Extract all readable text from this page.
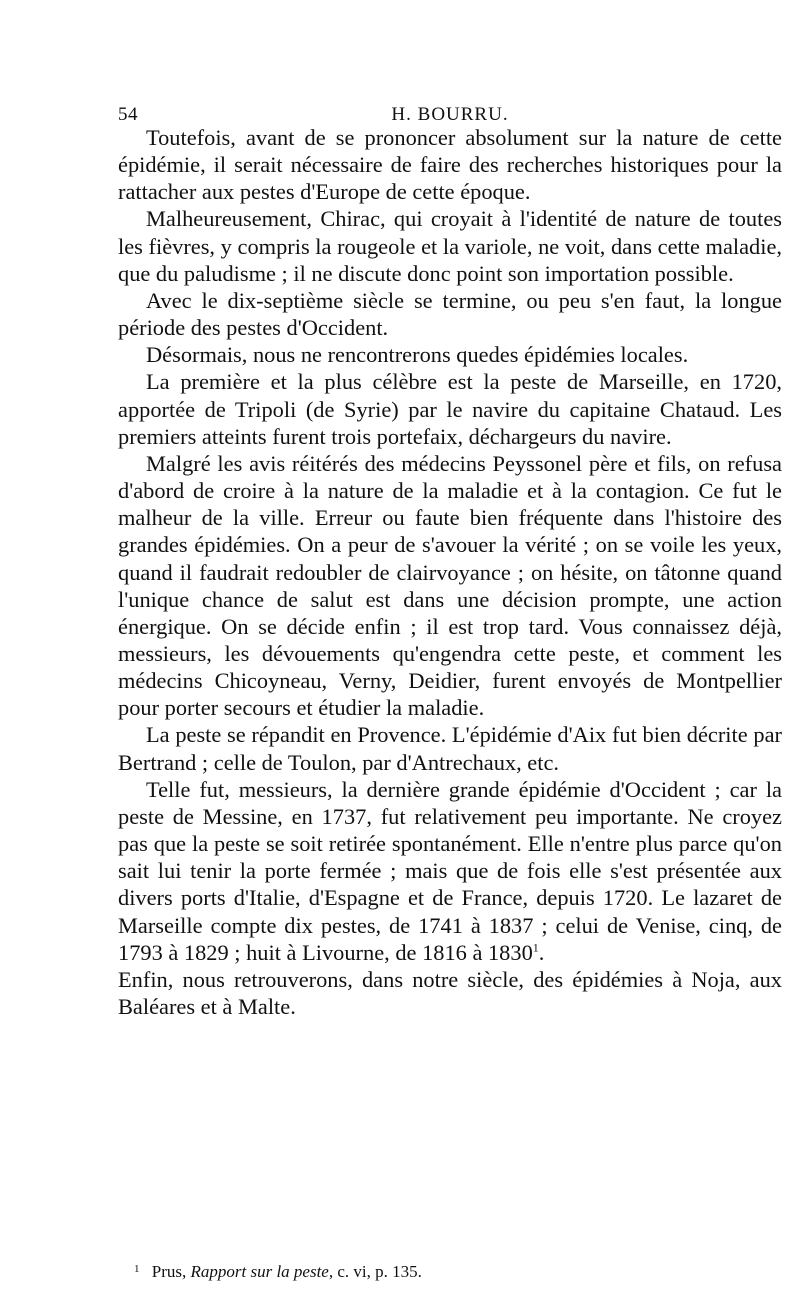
54	H. BOURRU.

Toutefois, avant de se prononcer absolument sur la nature de cette épidémie, il serait nécessaire de faire des recherches historiques pour la rattacher aux pestes d'Europe de cette époque.

Malheureusement, Chirac, qui croyait à l'identité de nature de toutes les fièvres, y compris la rougeole et la variole, ne voit, dans cette maladie, que du paludisme ; il ne discute donc point son importation possible.

Avec le dix-septième siècle se termine, ou peu s'en faut, la longue période des pestes d'Occident.

Désormais, nous ne rencontrerons quedes épidémies locales.

La première et la plus célèbre est la peste de Marseille, en 1720, apportée de Tripoli (de Syrie) par le navire du capitaine Chataud. Les premiers atteints furent trois portefaix, déchargeurs du navire.

Malgré les avis réitérés des médecins Peyssonel père et fils, on refusa d'abord de croire à la nature de la maladie et à la contagion. Ce fut le malheur de la ville. Erreur ou faute bien fréquente dans l'histoire des grandes épidémies. On a peur de s'avouer la vérité ; on se voile les yeux, quand il faudrait redoubler de clairvoyance ; on hésite, on tâtonne quand l'unique chance de salut est dans une décision prompte, une action énergique. On se décide enfin ; il est trop tard. Vous connaissez déjà, messieurs, les dévouements qu'engendra cette peste, et comment les médecins Chicoyneau, Verny, Deidier, furent envoyés de Montpellier pour porter secours et étudier la maladie.

La peste se répandit en Provence. L'épidémie d'Aix fut bien décrite par Bertrand ; celle de Toulon, par d'Antrechaux, etc.

Telle fut, messieurs, la dernière grande épidémie d'Occident ; car la peste de Messine, en 1737, fut relativement peu importante. Ne croyez pas que la peste se soit retirée spontanément. Elle n'entre plus parce qu'on sait lui tenir la porte fermée ; mais que de fois elle s'est présentée aux divers ports d'Italie, d'Espagne et de France, depuis 1720. Le lazaret de Marseille compte dix pestes, de 1741 à 1837 ; celui de Venise, cinq, de 1793 à 1829 ; huit à Livourne, de 1816 à 1830$^1$.

Enfin, nous retrouverons, dans notre siècle, des épidémies à Noja, aux Baléares et à Malte.

$^1$ Prus, Rapport sur la peste, c. vi, p. 135.
